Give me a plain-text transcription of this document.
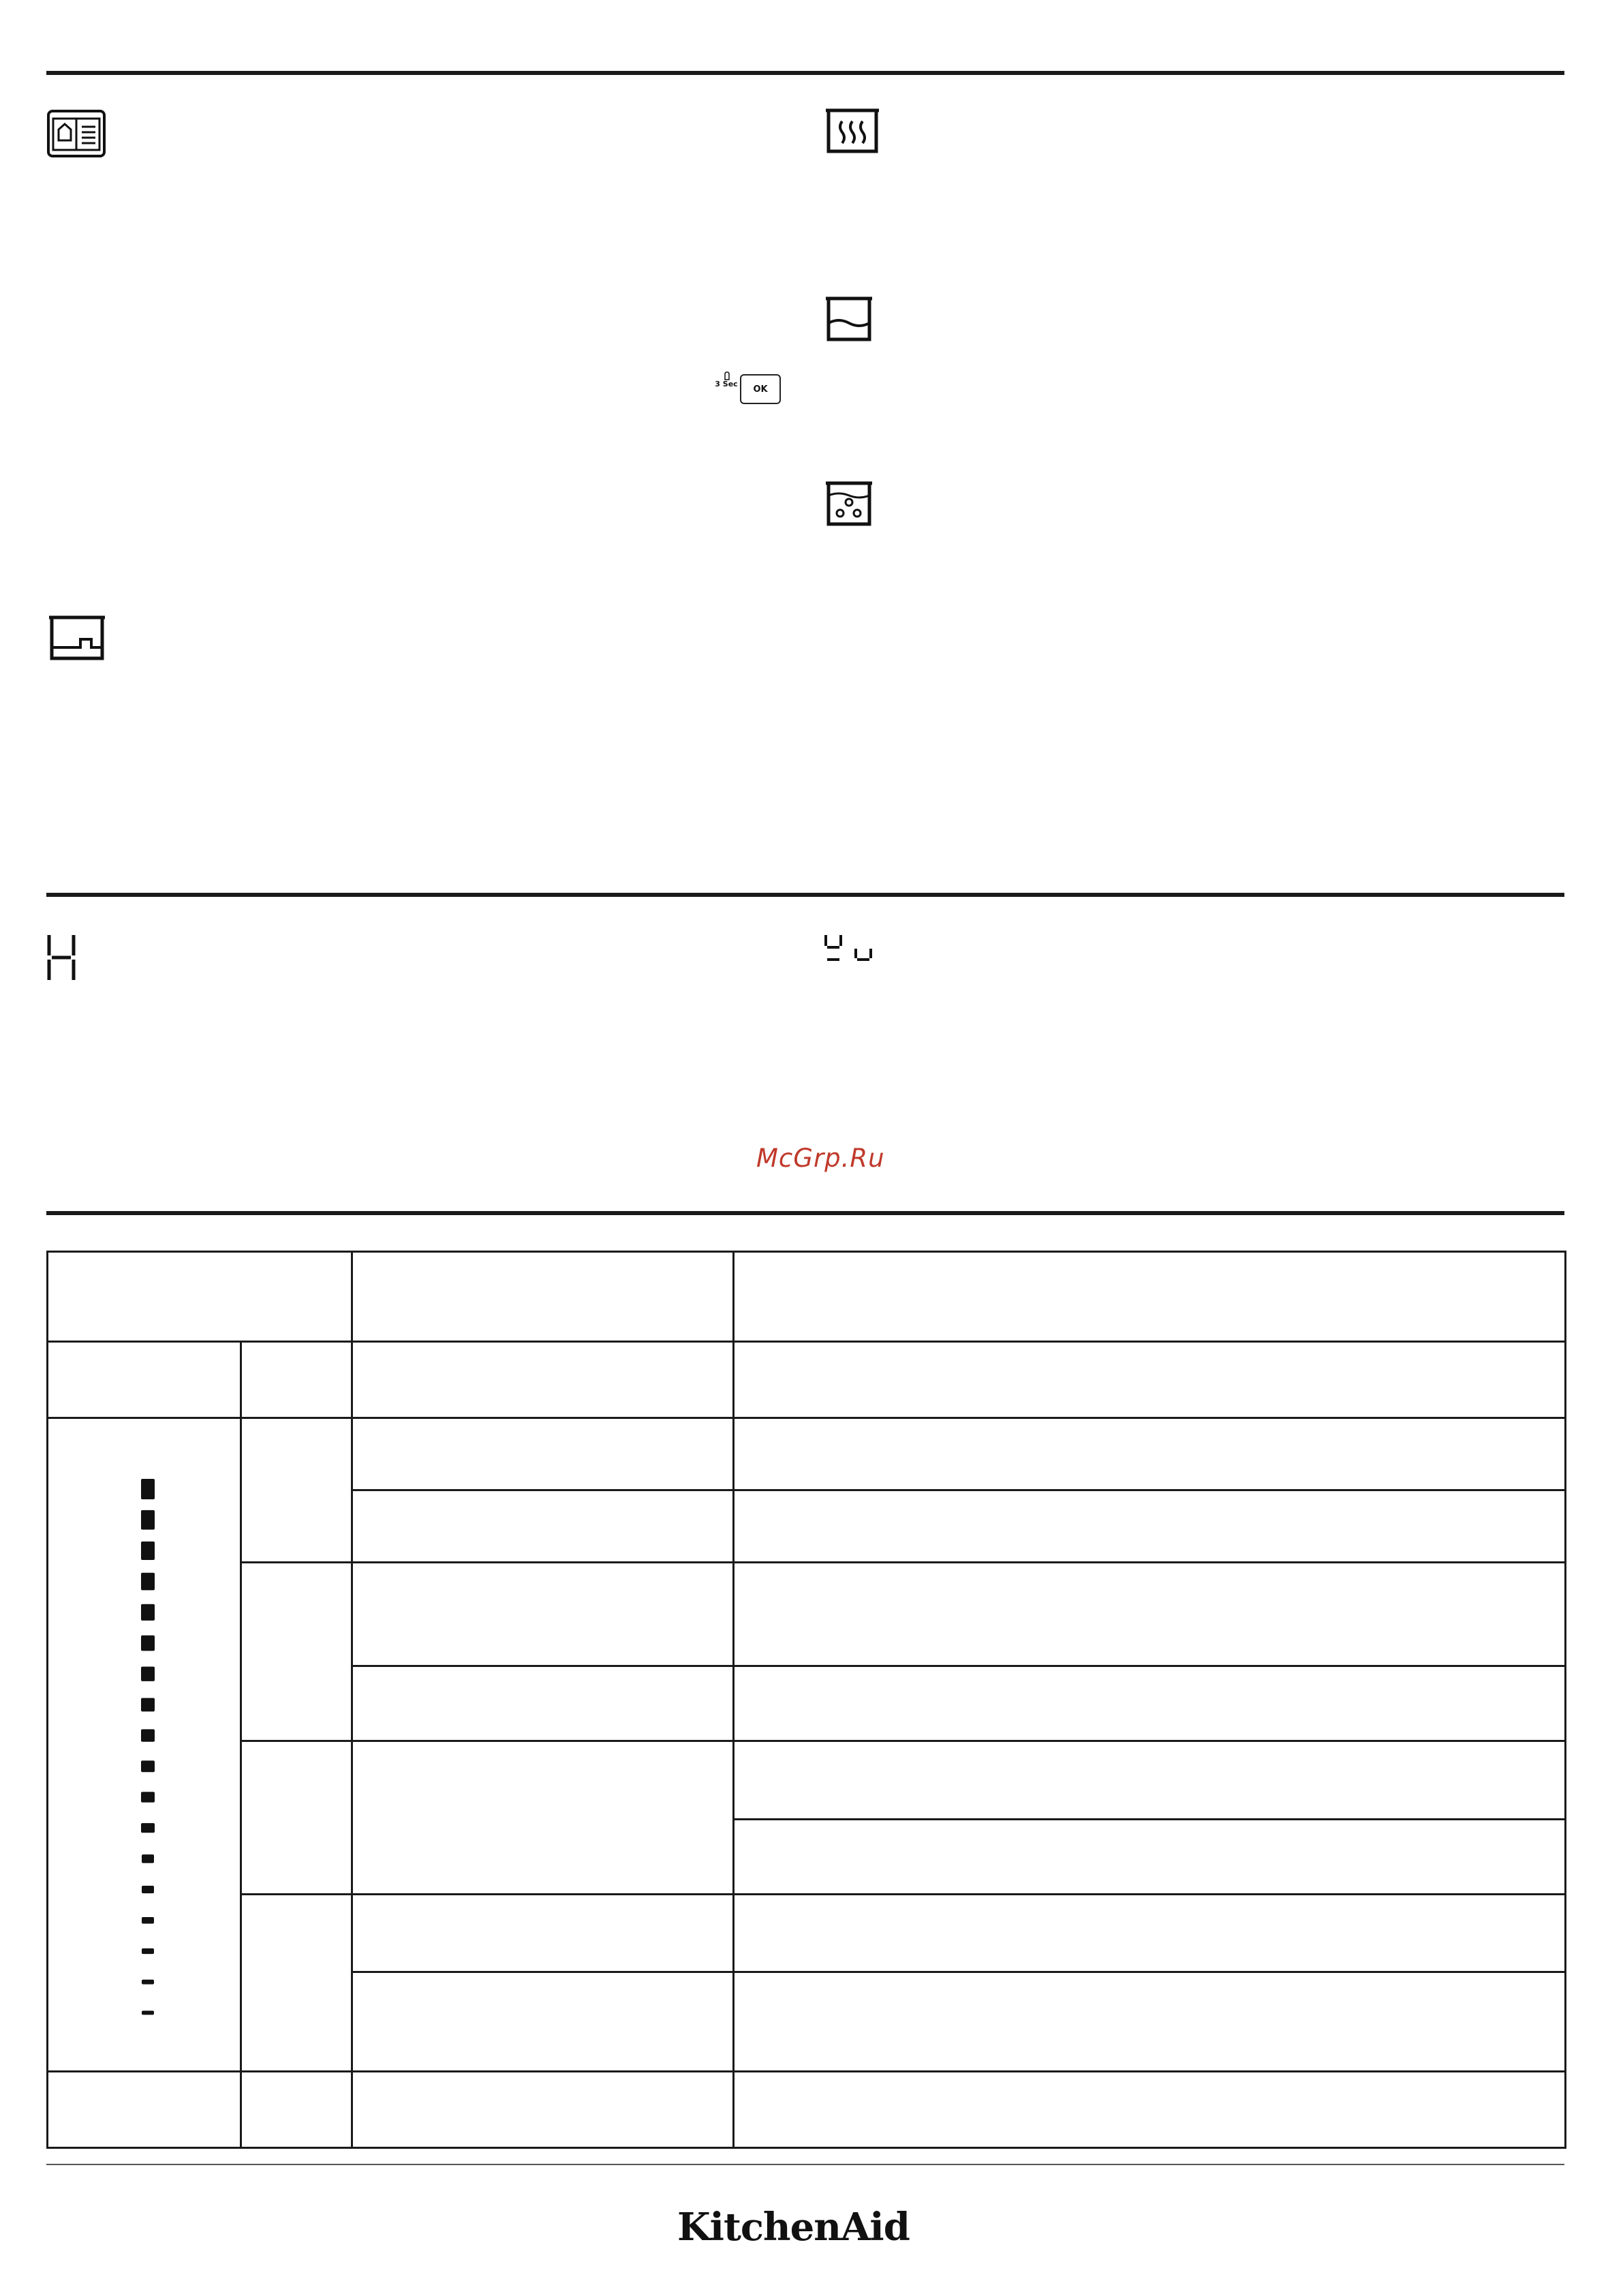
3 Sec	OK
McGrp.Ru

KitchenAid
